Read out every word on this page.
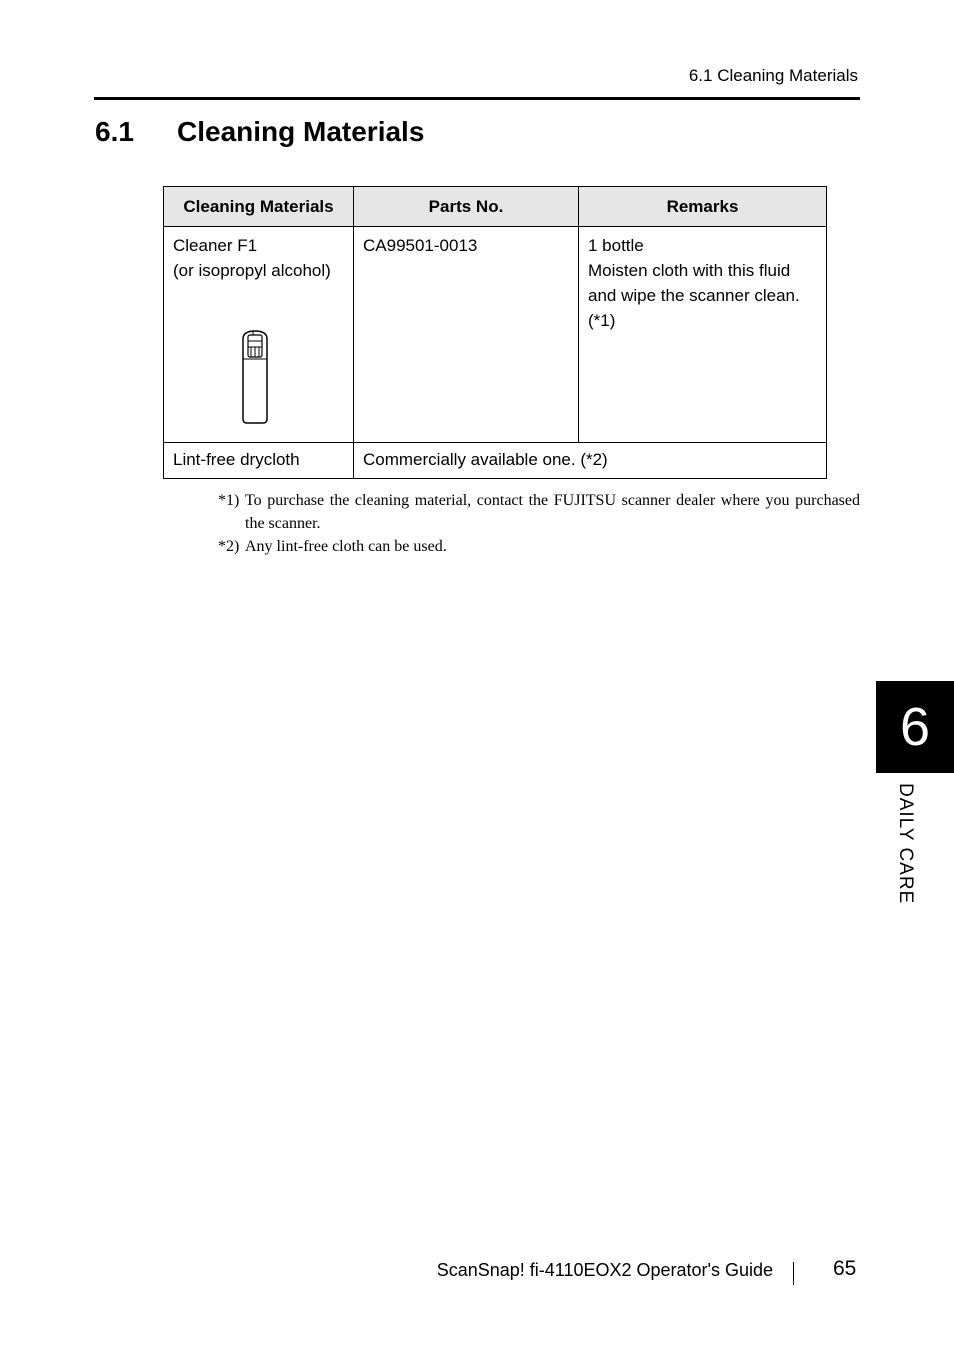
6.1 Cleaning Materials
6.1 Cleaning Materials
Cleaning Materials	Parts No.	Remarks

Cleaner F1
(or isopropyl alcohol)	CA99501-0013	1 bottle
Moisten cloth with this fluid
and wipe the scanner clean.
(*1)

Lint-free drycloth	Commercially available one. (*2)	
*1) To purchase the cleaning material, contact the FUJITSU scanner dealer where you purchased the scanner.
*2) Any lint-free cloth can be used.
6
DAILY CARE
ScanSnap! fi-4110EOX2 Operator's Guide	65
